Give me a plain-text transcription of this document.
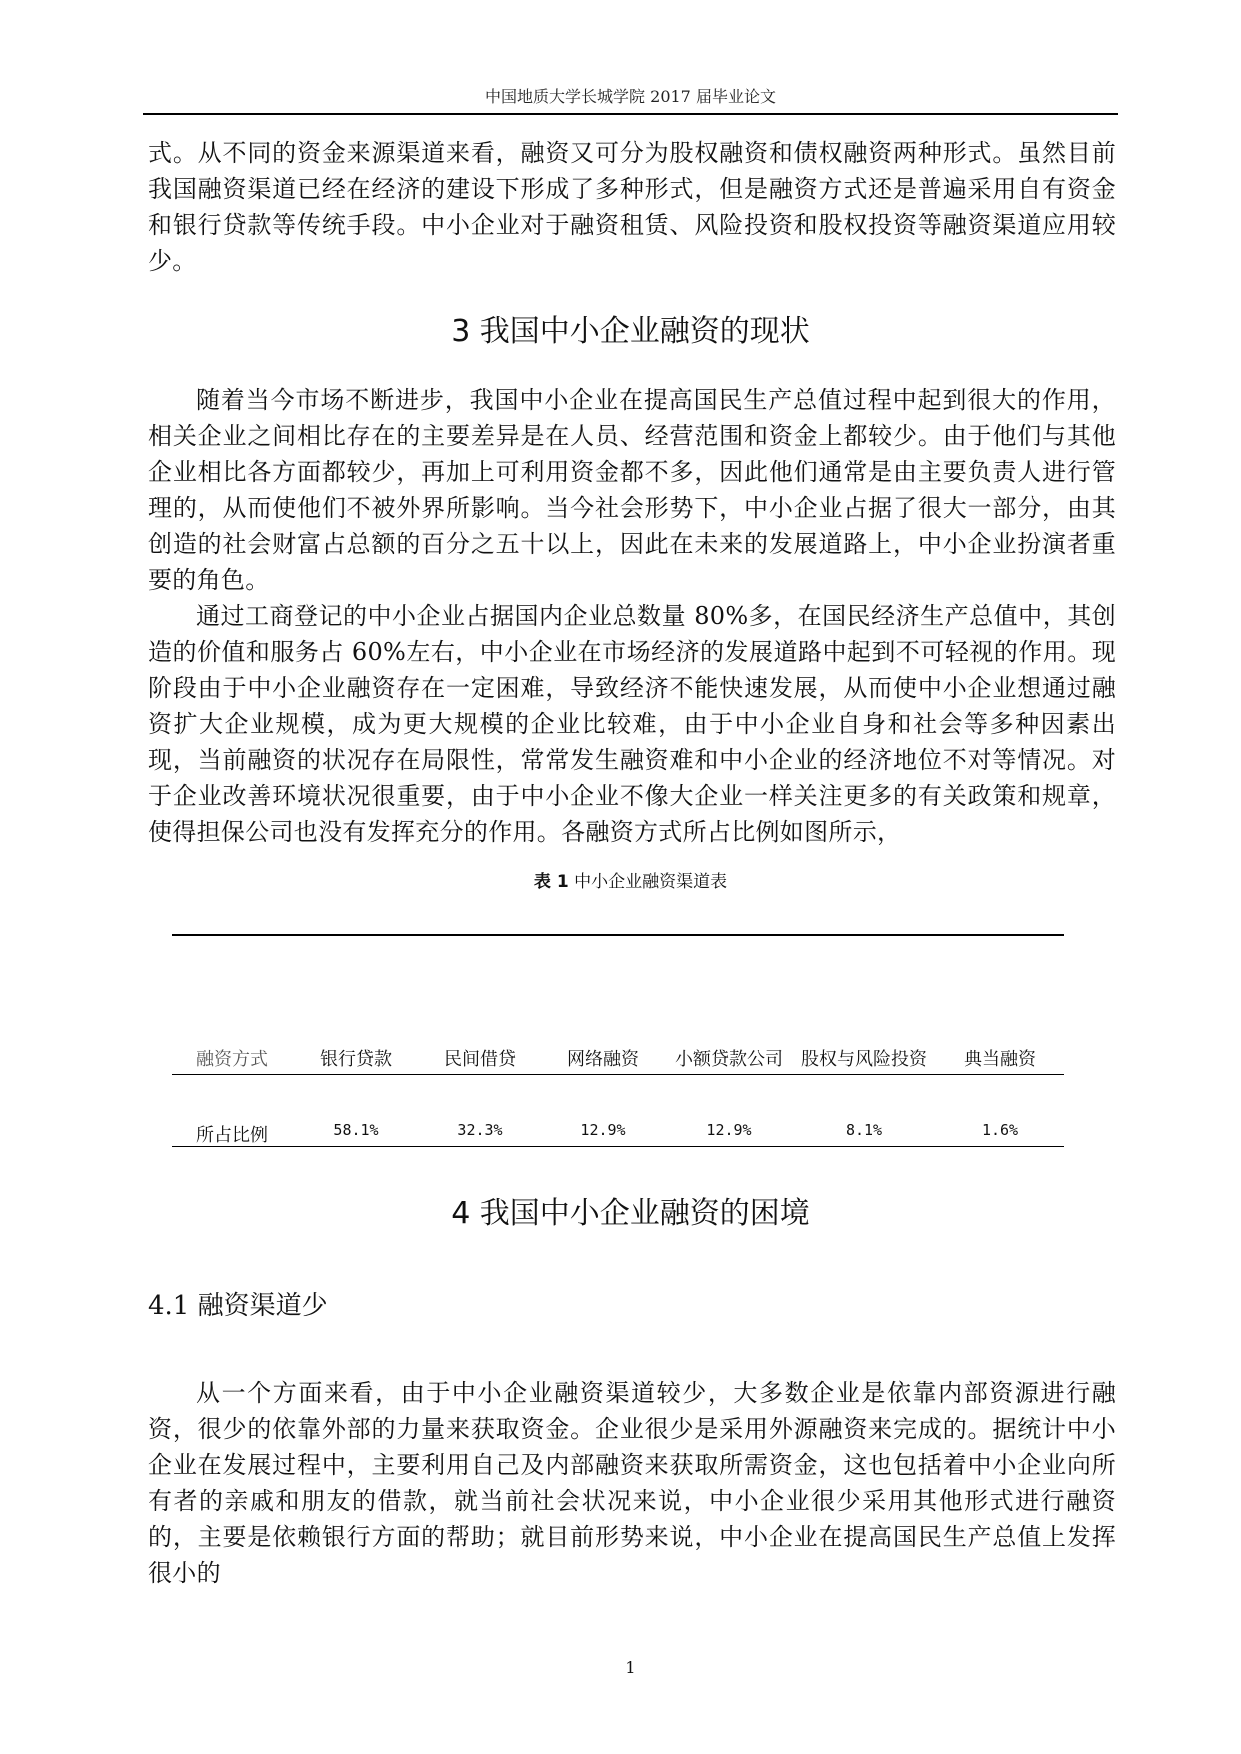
中国地质大学长城学院 2017 届毕业论文

式。从不同的资金来源渠道来看，融资又可分为股权融资和债权融资两种形式。虽然目前我国融资渠道已经在经济的建设下形成了多种形式，但是融资方式还是普遍采用自有资金和银行贷款等传统手段。中小企业对于融资租赁、风险投资和股权投资等融资渠道应用较少。

3 我国中小企业融资的现状

随着当今市场不断进步，我国中小企业在提高国民生产总值过程中起到很大的作用，相关企业之间相比存在的主要差异是在人员、经营范围和资金上都较少。由于他们与其他企业相比各方面都较少，再加上可利用资金都不多，因此他们通常是由主要负责人进行管理的，从而使他们不被外界所影响。当今社会形势下，中小企业占据了很大一部分，由其创造的社会财富占总额的百分之五十以上，因此在未来的发展道路上，中小企业扮演者重要的角色。

通过工商登记的中小企业占据国内企业总数量 80%多，在国民经济生产总值中，其创造的价值和服务占 60%左右，中小企业在市场经济的发展道路中起到不可轻视的作用。现阶段由于中小企业融资存在一定困难，导致经济不能快速发展，从而使中小企业想通过融资扩大企业规模，成为更大规模的企业比较难，由于中小企业自身和社会等多种因素出现，当前融资的状况存在局限性，常常发生融资难和中小企业的经济地位不对等情况。对于企业改善环境状况很重要，由于中小企业不像大企业一样关注更多的有关政策和规章，使得担保公司也没有发挥充分的作用。各融资方式所占比例如图所示，

表 1 中小企业融资渠道表
融资方式	银行贷款	民间借贷	网络融资	小额贷款公司	股权与风险投资	典当融资
所占比例	58.1%	32.3%	12.9%	12.9%	8.1%	1.6%
4 我国中小企业融资的困境
4.1 融资渠道少

从一个方面来看，由于中小企业融资渠道较少，大多数企业是依靠内部资源进行融资，很少的依靠外部的力量来获取资金。企业很少是采用外源融资来完成的。据统计中小企业在发展过程中，主要利用自己及内部融资来获取所需资金，这也包括着中小企业向所有者的亲戚和朋友的借款，就当前社会状况来说，中小企业很少采用其他形式进行融资的，主要是依赖银行方面的帮助；就目前形势来说，中小企业在提高国民生产总值上发挥很小的

1
